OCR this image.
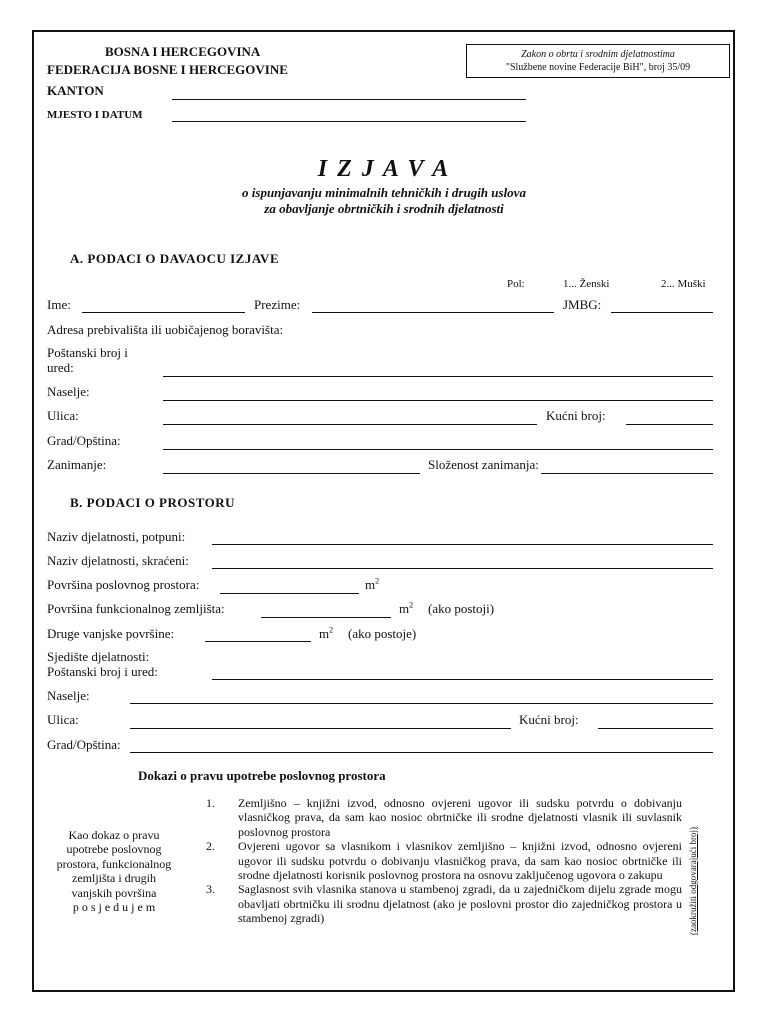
BOSNA I HERCEGOVINA
FEDERACIJA BOSNE I HERCEGOVINE
KANTON
MJESTO I DATUM
Zakon o obrtu i srodnim djelatnostima
"Službene novine Federacije BiH", broj 35/09
I Z J A V A
o ispunjavanju minimalnih tehničkih i drugih uslova
za obavljanje obrtničkih i srodnih djelatnosti
A. PODACI O DAVAOCU IZJAVE
Pol:	1... Ženski	2... Muški
Ime:	Prezime:	JMBG:
Adresa prebivališta ili uobičajenog boravišta:
Poštanski broj i
ured:
Naselje:
Ulica:	Kućni broj:
Grad/Opština:
Zanimanje:	Složenost zanimanja:
B. PODACI O PROSTORU
Naziv djelatnosti, potpuni:
Naziv djelatnosti, skraćeni:
Površina poslovnog prostora:	$m^2$
Površina funkcionalnog zemljišta:	$m^2$ (ako postoji)
Druge vanjske površine:	$m^2$ (ako postoje)
Sjedište djelatnosti:
Poštanski broj i ured:
Naselje:
Ulica:	Kućni broj:
Grad/Opština:
Dokazi o pravu upotrebe poslovnog prostora
Kao dokaz o pravu
upotrebe poslovnog
prostora, funkcionalnog
zemljišta i drugih
vanjskih površina
p o s j e d u j e m
1.	Zemljišno – knjižni izvod, odnosno ovjereni ugovor ili sudsku potvrdu o dobivanju vlasničkog prava, da sam kao nosioc obrtničke ili srodne djelatnosti vlasnik ili suvlasnik poslovnog prostora
2.	Ovjereni ugovor sa vlasnikom i vlasnikov zemljišno – knjižni izvod, odnosno ovjereni ugovor ili sudsku potvrdu o dobivanju vlasničkog prava, da sam kao nosioc obrtničke ili srodne djelatnosti korisnik poslovnog prostora na osnovu zaključenog ugovora o zakupu
3.	Saglasnost svih vlasnika stanova u stambenoj zgradi, da u zajedničkom dijelu zgrade mogu obavljati obrtničku ili srodnu djelatnost (ako je poslovni prostor dio zajedničkog prostora u stambenoj zgradi)	(zaokružiti odgovarajući broj)
